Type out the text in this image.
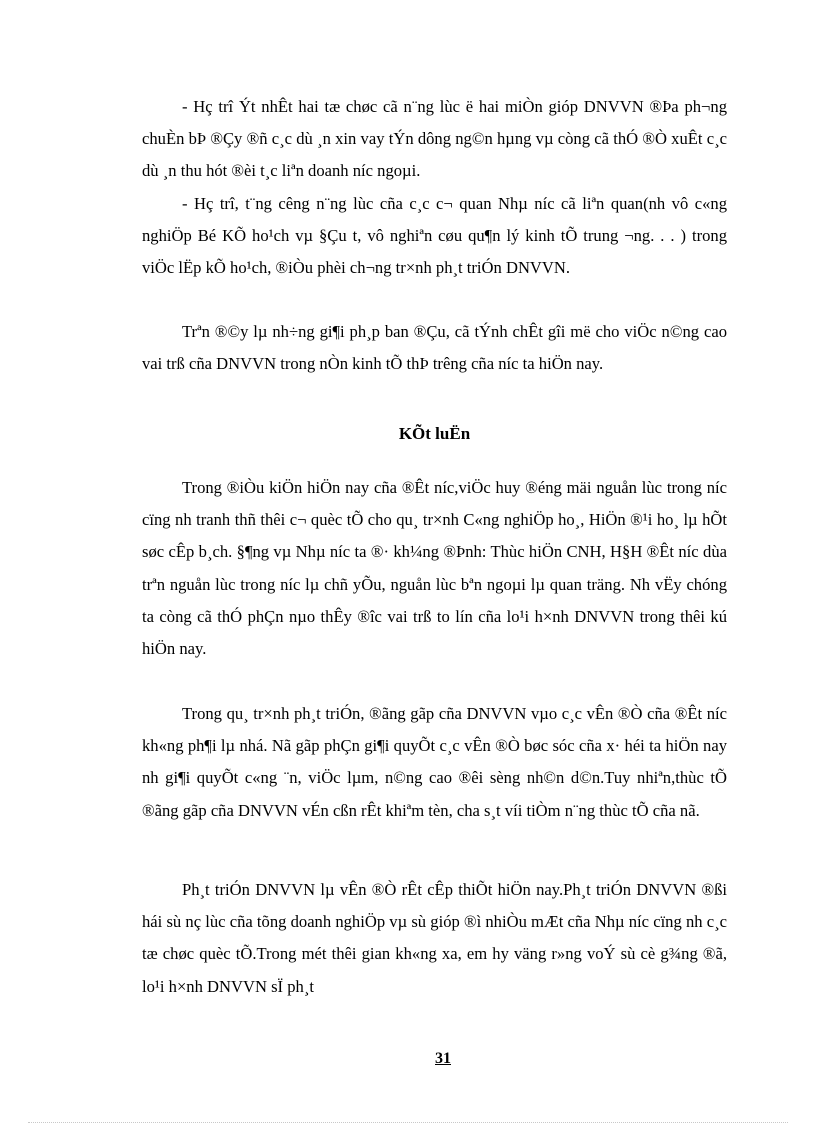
- Hç trî Ýt nhÊt hai tæ chøc cã n¨ng lùc ë hai miÒn gióp DNVVN ®Þa ph¬ng chuÈn bÞ ®Çy ®ñ c¸c dù ¸n xin vay tÝn dông ng©n hµng vµ còng cã thÓ ®Ò xuÊt c¸c dù ¸n thu hót ®èi t¸c liªn doanh níc ngoµi.

- Hç trî, t¨ng cêng n¨ng lùc cña c¸c c¬ quan Nhµ níc cã liªn quan(nh vô c«ng nghiÖp Bé KÕ ho¹ch vµ §Çu t, vô nghiªn cøu qu¶n lý kinh tÕ trung ¬ng. . . ) trong viÖc lËp kÕ ho¹ch, ®iÒu phèi ch¬ng tr×nh ph¸t triÓn DNVVN.

Trªn ®©y lµ nh÷ng gi¶i ph¸p ban ®Çu, cã tÝnh chÊt gîi më cho viÖc n©ng cao vai trß cña DNVVN trong nÒn kinh tÕ thÞ trêng cña níc ta hiÖn nay.

KÕt luËn

Trong ®iÒu kiÖn hiÖn nay cña ®Êt níc,viÖc huy ®éng mäi nguån lùc trong níc cïng nh tranh thñ thêi c¬ quèc tÕ cho qu¸ tr×nh C«ng nghiÖp ho¸, HiÖn ®¹i ho¸ lµ hÕt søc cÊp b¸ch. §¶ng vµ Nhµ níc ta ®· kh¼ng ®Þnh: Thùc hiÖn CNH, H§H ®Êt níc dùa trªn nguån lùc trong níc lµ chñ yÕu, nguån lùc bªn ngoµi lµ quan träng. Nh vËy chóng ta còng cã thÓ phÇn nµo thÊy ®îc vai trß to lín cña lo¹i h×nh DNVVN trong thêi kú hiÖn nay.

Trong qu¸ tr×nh ph¸t triÓn, ®ãng gãp cña DNVVN vµo c¸c vÊn ®Ò cña ®Êt níc kh«ng ph¶i lµ nhá. Nã gãp phÇn gi¶i quyÕt c¸c vÊn ®Ò bøc sóc cña x· héi ta hiÖn nay nh gi¶i quyÕt c«ng ¨n, viÖc lµm, n©ng cao ®êi sèng nh©n d©n.Tuy nhiªn,thùc tÕ ®ãng gãp cña DNVVN vÉn cßn rÊt khiªm tèn, cha s¸t víi tiÒm n¨ng thùc tÕ cña nã.

Ph¸t triÓn DNVVN lµ vÊn ®Ò rÊt cÊp thiÕt hiÖn nay.Ph¸t triÓn DNVVN ®ßi hái sù nç lùc cña tõng doanh nghiÖp vµ sù gióp ®ì nhiÒu mÆt cña Nhµ níc cïng nh c¸c tæ chøc quèc tÕ.Trong mét thêi gian kh«ng xa, em hy väng r»ng voÝ sù cè g¾ng ®ã, lo¹i h×nh DNVVN sÏ ph¸t

31
